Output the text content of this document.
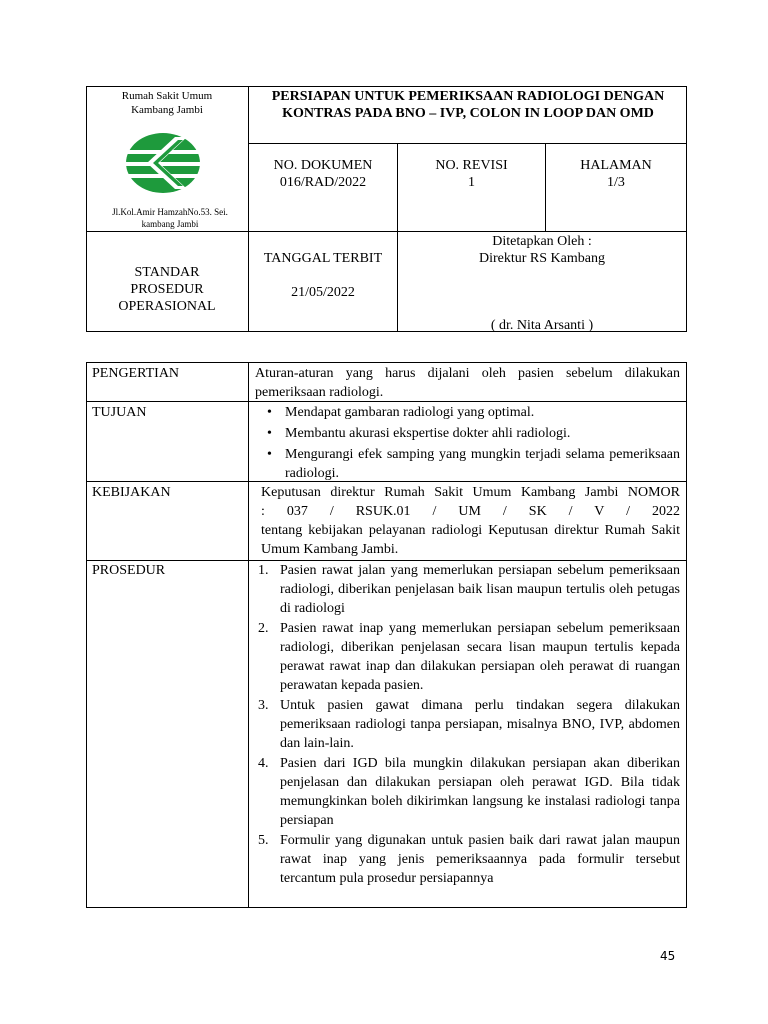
Rumah Sakit Umum Kambang Jambi
Jl.Kol.Amir HamzahNo.53. Sei. kambang Jambi
PERSIAPAN UNTUK PEMERIKSAAN RADIOLOGI DENGAN KONTRAS PADA BNO – IVP, COLON IN LOOP DAN OMD
NO. DOKUMEN
016/RAD/2022
NO. REVISI
1
HALAMAN
1/3
STANDAR PROSEDUR OPERASIONAL
TANGGAL TERBIT
21/05/2022
Ditetapkan Oleh :
Direktur RS Kambang
( dr. Nita Arsanti )
PENGERTIAN	Aturan-aturan yang harus dijalani oleh pasien sebelum dilakukan pemeriksaan radiologi.
TUJUAN
•	Mendapat gambaran radiologi yang optimal.
• Membantu akurasi ekspertise dokter ahli radiologi.
• Mengurangi efek samping yang mungkin terjadi selama pemeriksaan radiologi.
KEBIJAKAN	Keputusan direktur Rumah Sakit Umum Kambang Jambi NOMOR
: 037 / RSUK.01 / UM / SK / V / 2022
tentang kebijakan pelayanan radiologi Keputusan direktur Rumah Sakit Umum Kambang Jambi.
PROSEDUR	1. Pasien rawat jalan yang memerlukan persiapan sebelum pemeriksaan radiologi, diberikan penjelasan baik lisan maupun tertulis oleh petugas di radiologi
2. Pasien rawat inap yang memerlukan persiapan sebelum pemeriksaan radiologi, diberikan penjelasan secara lisan maupun tertulis kepada perawat rawat inap dan dilakukan persiapan oleh perawat di ruangan perawatan kepada pasien.
3. Untuk pasien gawat dimana perlu tindakan segera dilakukan pemeriksaan radiologi tanpa persiapan, misalnya BNO, IVP, abdomen dan lain-lain.
4. Pasien dari IGD bila mungkin dilakukan persiapan akan diberikan penjelasan dan dilakukan persiapan oleh perawat IGD. Bila tidak memungkinkan boleh dikirimkan langsung ke instalasi radiologi tanpa persiapan
5. Formulir yang digunakan untuk pasien baik dari rawat jalan maupun rawat inap yang jenis pemeriksaannya pada formulir tersebut tercantum pula prosedur persiapannya
45
